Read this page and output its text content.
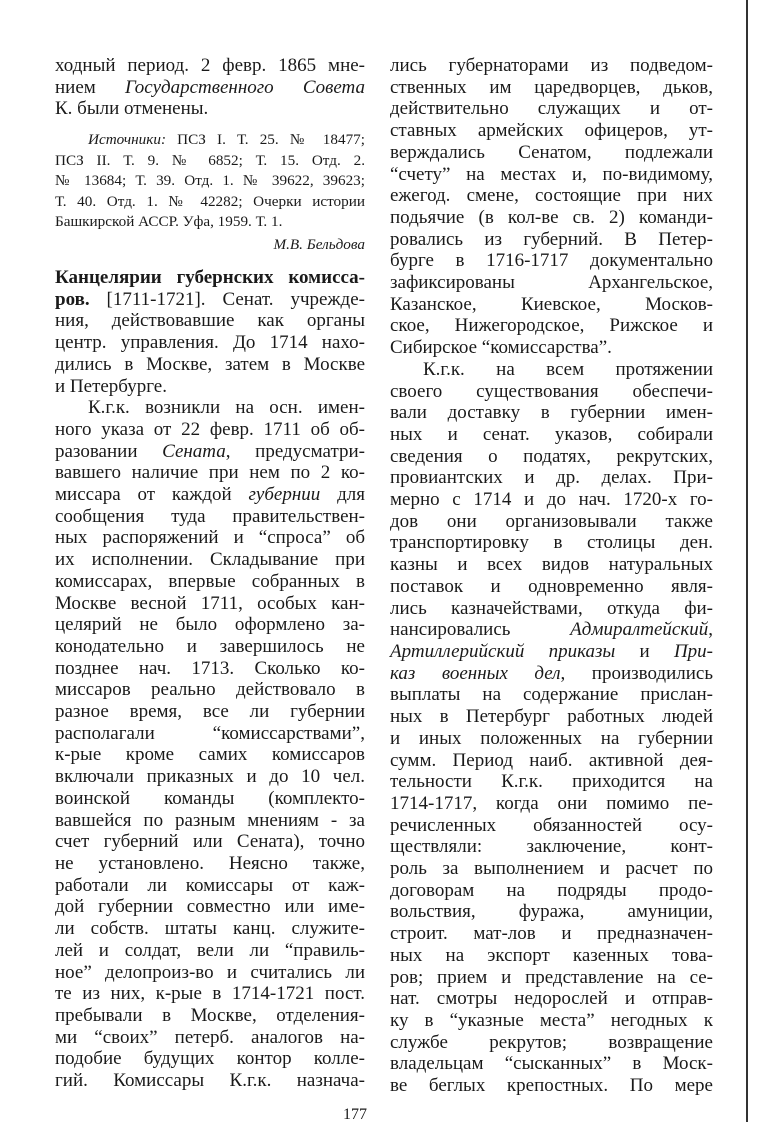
ходный период. 2 февр. 1865 мне-
нием Государственного Совета
К. были отменены.
Источники: ПСЗ I. Т. 25. № 18477;
ПСЗ II. Т. 9. № 6852; Т. 15. Отд. 2.
№ 13684; Т. 39. Отд. 1. № 39622, 39623;
Т. 40. Отд. 1. № 42282; Очерки истории
Башкирской АССР. Уфа, 1959. Т. 1.
М.В. Бельдова
Канцелярии губернских комисса-
ров. [1711-1721]. Сенат. учрежде-
ния, действовавшие как органы
центр. управления. До 1714 нахо-
дились в Москве, затем в Москве
и Петербурге.
К.г.к. возникли на осн. имен-
ного указа от 22 февр. 1711 об об-
разовании Сената, предусматри-
вавшего наличие при нем по 2 ко-
миссара от каждой губернии для
сообщения туда правительствен-
ных распоряжений и “спроса” об
их исполнении. Складывание при
комиссарах, впервые собранных в
Москве весной 1711, особых кан-
целярий не было оформлено за-
конодательно и завершилось не
позднее нач. 1713. Сколько ко-
миссаров реально действовало в
разное время, все ли губернии
располагали “комиссарствами”,
к-рые кроме самих комиссаров
включали приказных и до 10 чел.
воинской команды (комплекто-
вавшейся по разным мнениям - за
счет губерний или Сената), точно
не установлено. Неясно также,
работали ли комиссары от каж-
дой губернии совместно или име-
ли собств. штаты канц. служите-
лей и солдат, вели ли “правиль-
ное” делопроиз-во и считались ли
те из них, к-рые в 1714-1721 пост.
пребывали в Москве, отделения-
ми “своих” петерб. аналогов на-
подобие будущих контор колле-
гий. Комиссары К.г.к. назнача-
лись губернаторами из подведом-
ственных им царедворцев, дьков,
действительно служащих и от-
ставных армейских офицеров, ут-
верждались Сенатом, подлежали
“счету” на местах и, по-видимому,
ежегод. смене, состоящие при них
подьячие (в кол-ве св. 2) команди-
ровались из губерний. В Петер-
бурге в 1716-1717 документально
зафиксированы Архангельское,
Казанское, Киевское, Москов-
ское, Нижегородское, Рижское и
Сибирское “комиссарства”.
К.г.к. на всем протяжении
своего существования обеспечи-
вали доставку в губернии имен-
ных и сенат. указов, собирали
сведения о податях, рекрутских,
провиантских и др. делах. При-
мерно с 1714 и до нач. 1720-х го-
дов они организовывали также
транспортировку в столицы ден.
казны и всех видов натуральных
поставок и одновременно явля-
лись казначействами, откуда фи-
нансировались Адмиралтейский,
Артиллерийский приказы и При-
каз военных дел, производились
выплаты на содержание прислан-
ных в Петербург работных людей
и иных положенных на губернии
сумм. Период наиб. активной дея-
тельности К.г.к. приходится на
1714-1717, когда они помимо пе-
речисленных обязанностей осу-
ществляли: заключение, конт-
роль за выполнением и расчет по
договорам на подряды продо-
вольствия, фуража, амуниции,
строит. мат-лов и предназначен-
ных на экспорт казенных това-
ров; прием и представление на се-
нат. смотры недорослей и отправ-
ку в “указные места” негодных к
службе рекрутов; возвращение
владельцам “сысканных” в Моск-
ве беглых крепостных. По мере
177
